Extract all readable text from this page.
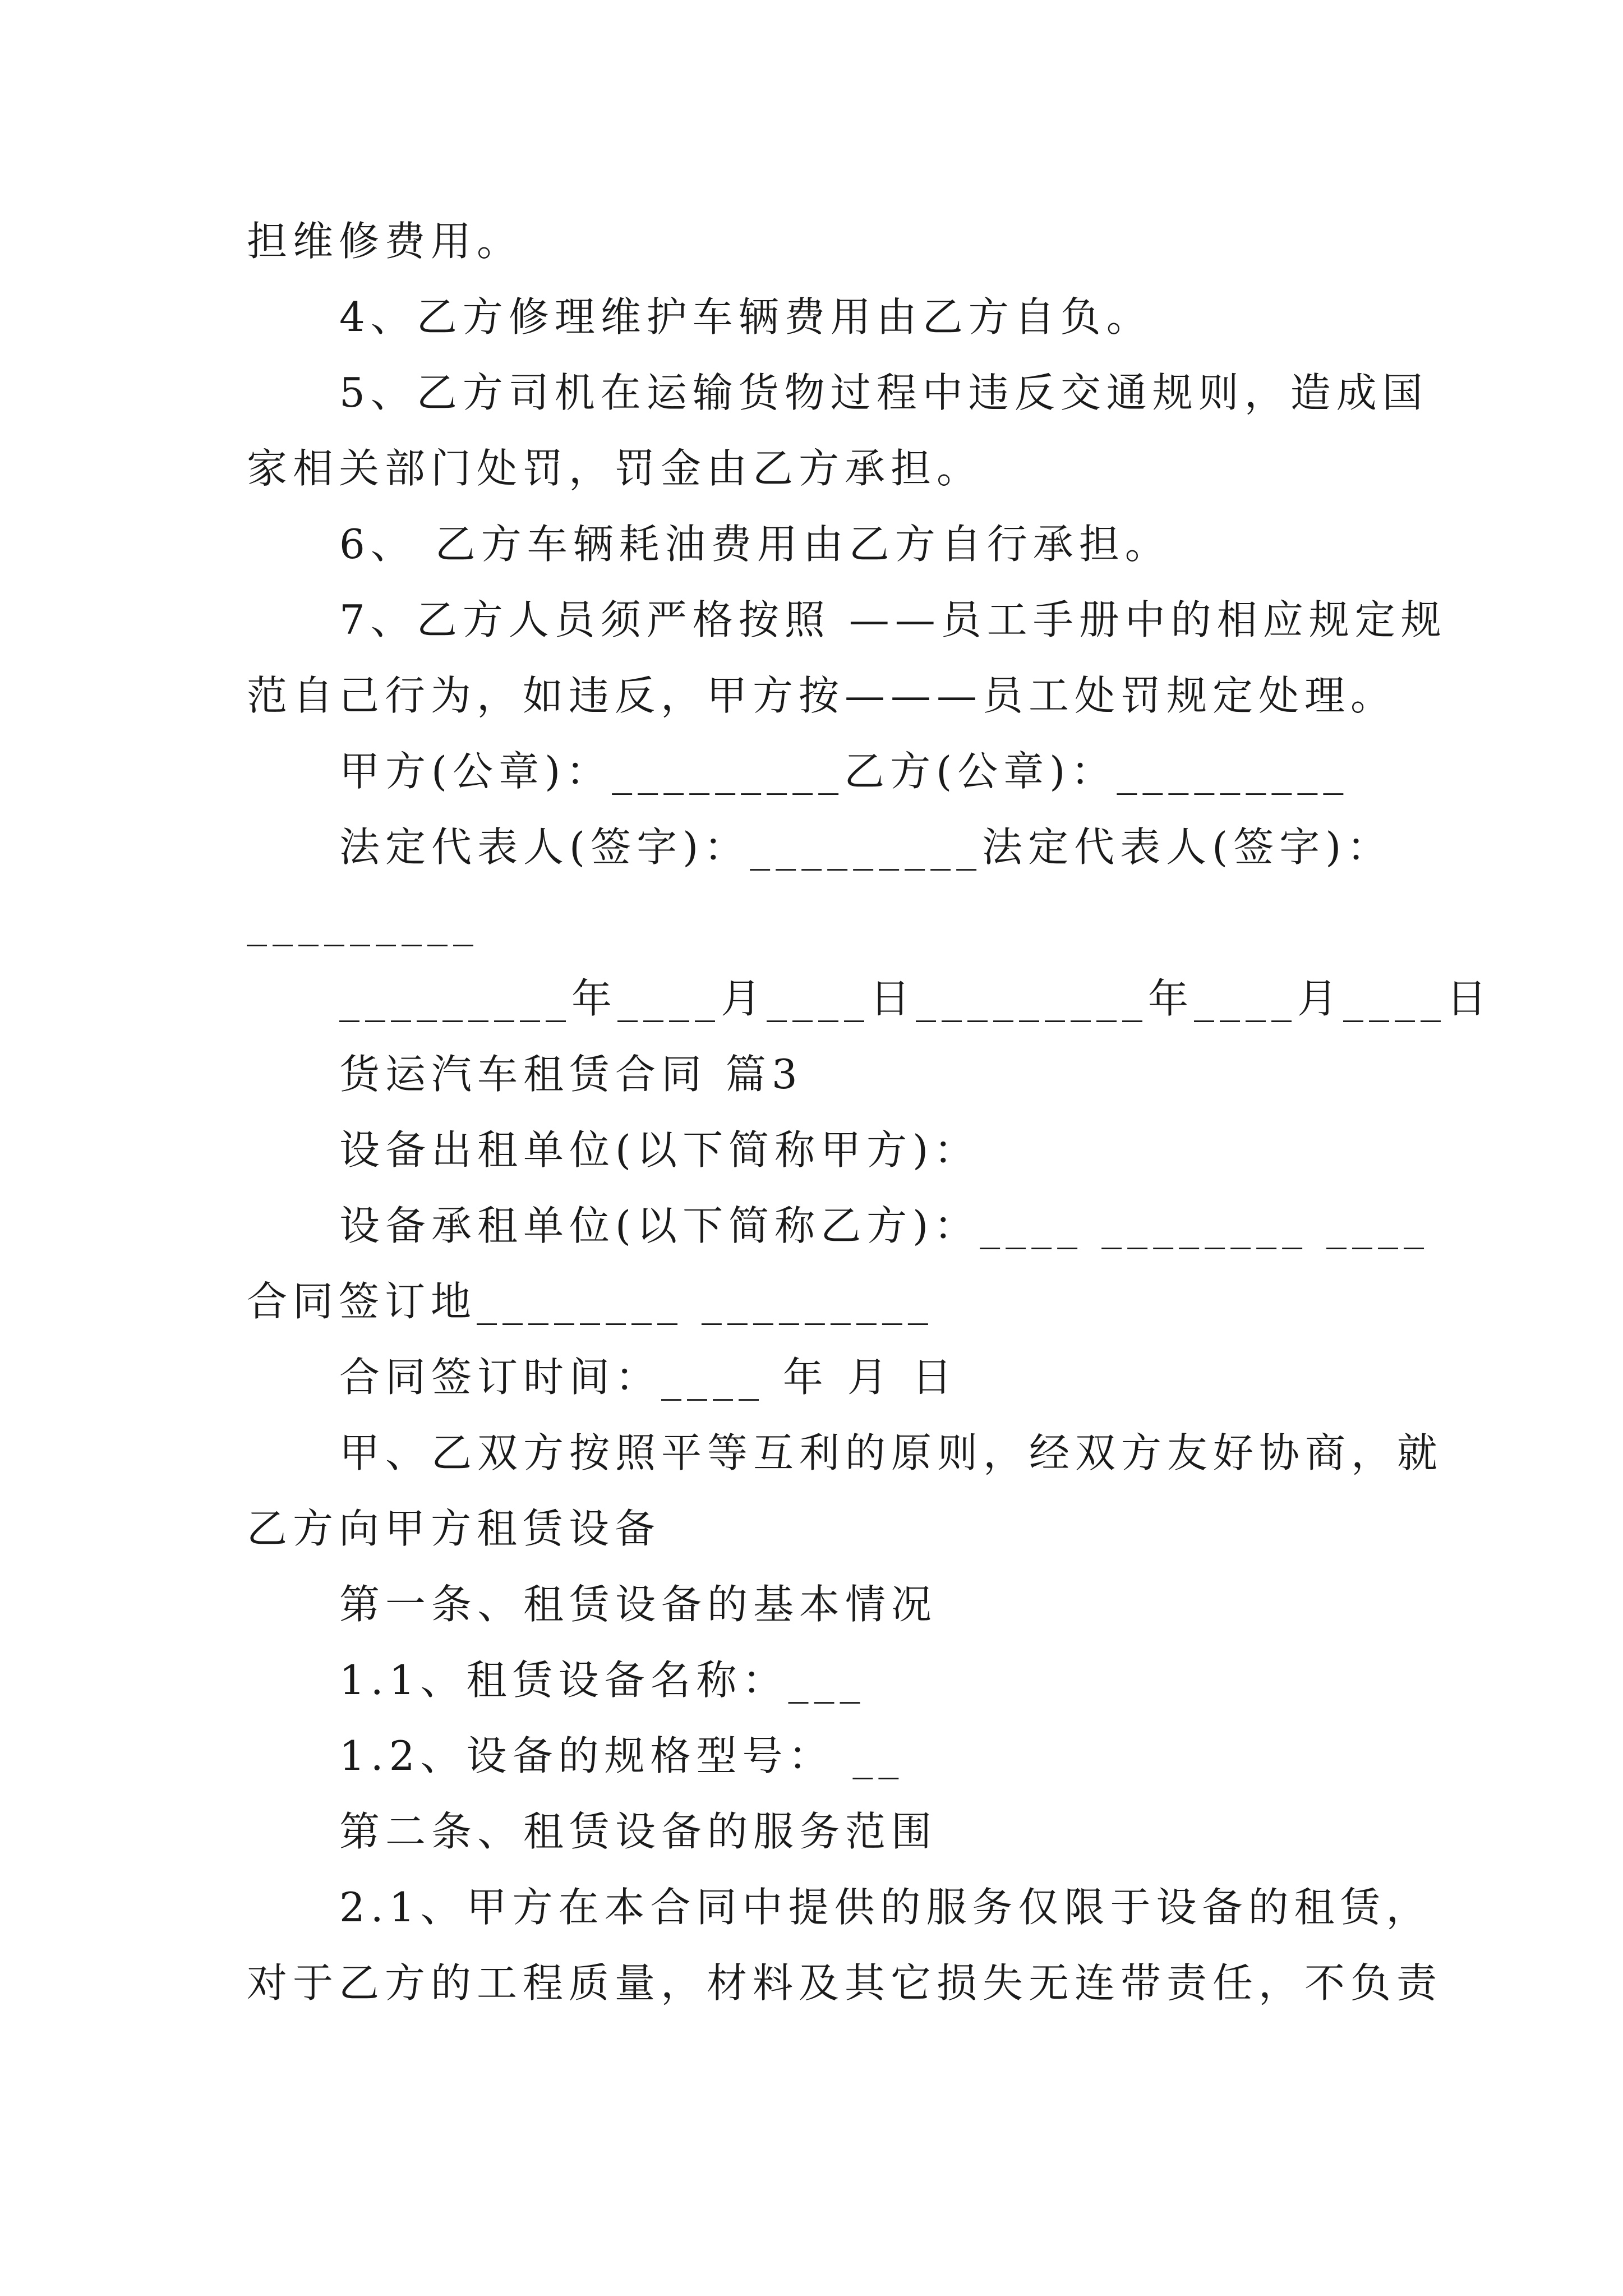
担维修费用。
4、乙方修理维护车辆费用由乙方自负。
5、乙方司机在运输货物过程中违反交通规则，造成国
家相关部门处罚，罚金由乙方承担。
6、 乙方车辆耗油费用由乙方自行承担。
7、乙方人员须严格按照 ——员工手册中的相应规定规
范自己行为，如违反，甲方按———员工处罚规定处理。
甲方(公章)：_________乙方(公章)：_________
法定代表人(签字)：_________法定代表人(签字)：
_________
_________年____月____日_________年____月____日
货运汽车租赁合同 篇3
设备出租单位(以下简称甲方)：
设备承租单位(以下简称乙方)：____ ________ ____
合同签订地________ _________
合同签订时间：____ 年 月 日
甲、乙双方按照平等互利的原则，经双方友好协商，就
乙方向甲方租赁设备
第一条、租赁设备的基本情况
1.1、租赁设备名称：___
1.2、设备的规格型号： __
第二条、租赁设备的服务范围
2.1、甲方在本合同中提供的服务仅限于设备的租赁，
对于乙方的工程质量，材料及其它损失无连带责任，不负责
